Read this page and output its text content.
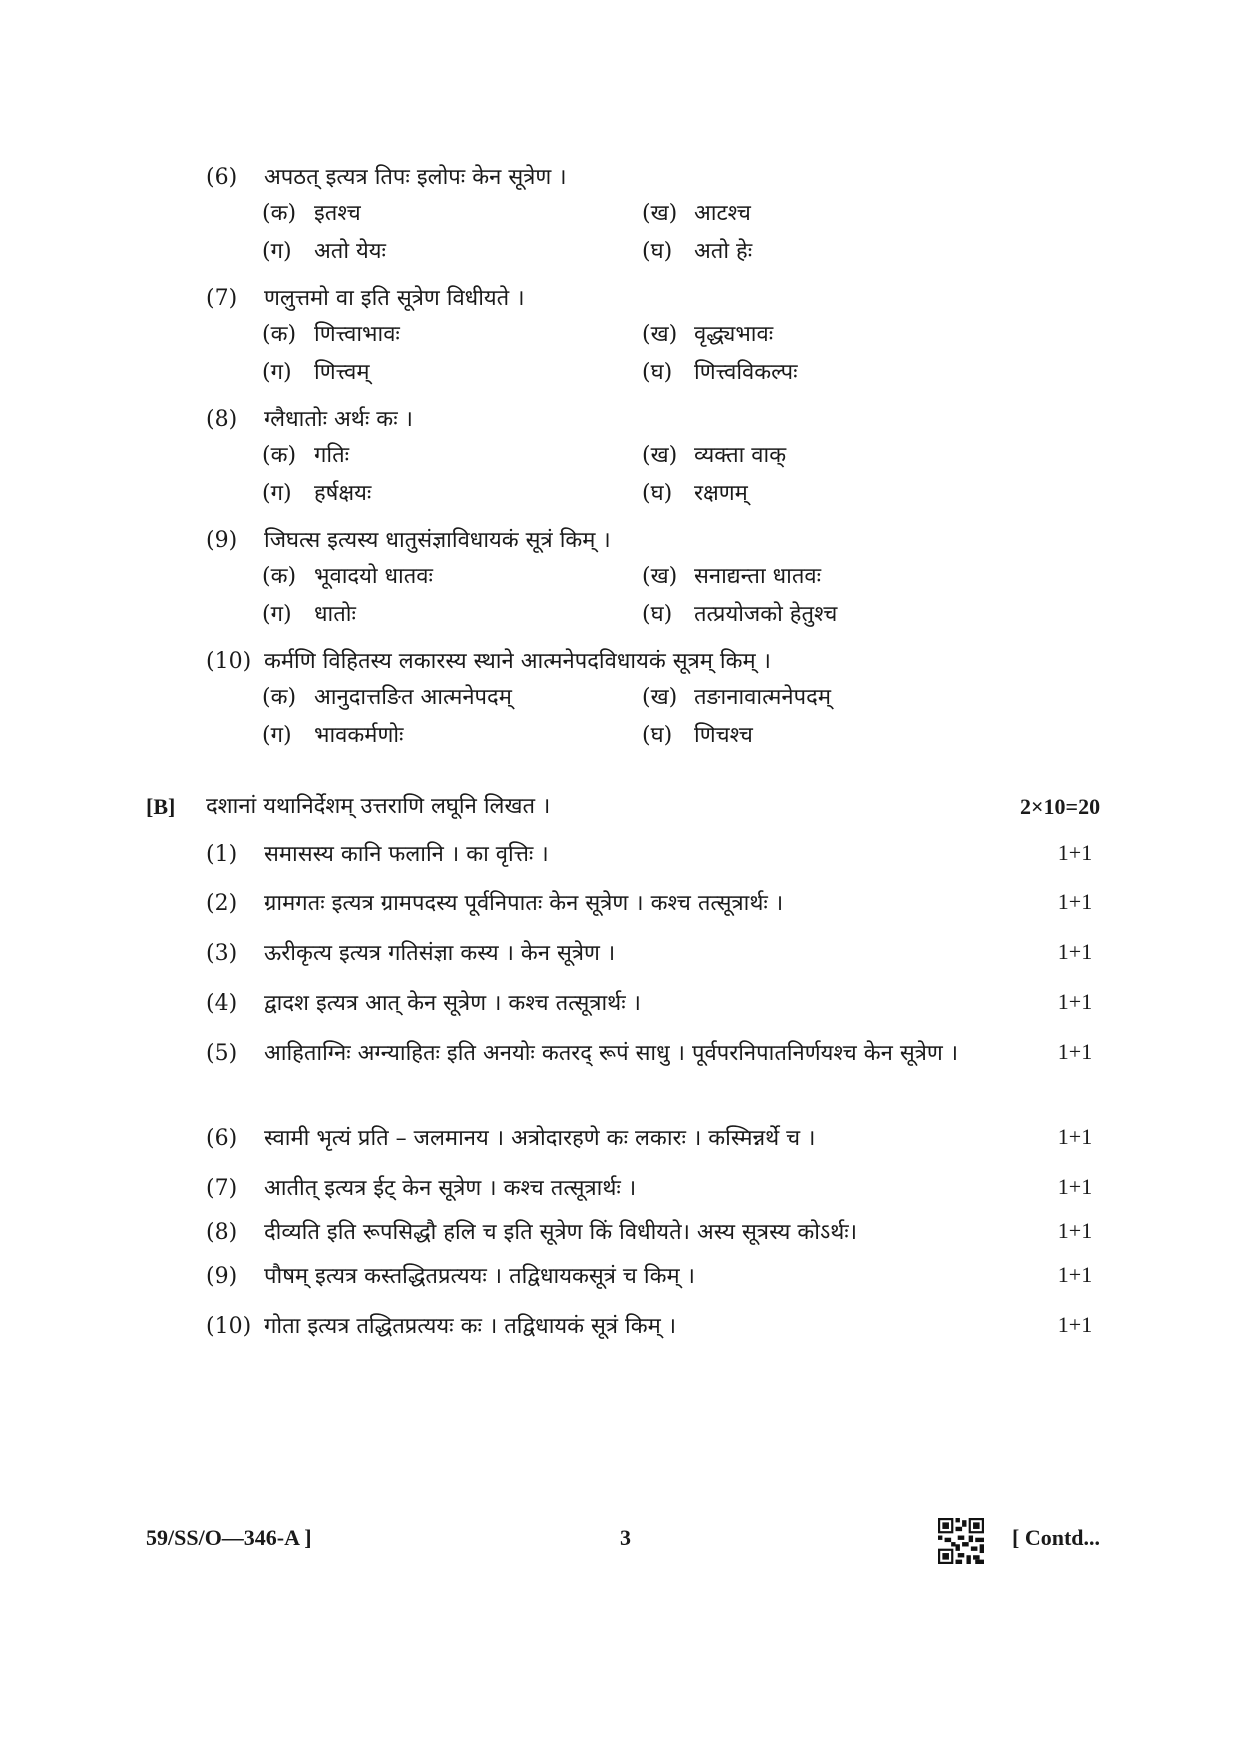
(6)	अपठत् इत्यत्र तिपः इलोपः केन सूत्रेण ।
(क) इतश्च	(ख) आटश्च
(ग) अतो येयः	(घ) अतो हेः
(7)	णलुत्तमो वा इति सूत्रेण विधीयते ।
(क) णित्त्वाभावः	(ख) वृद्ध्यभावः
(ग) णित्त्वम्	(घ) णित्त्वविकल्पः
(8)	ग्लैधातोः अर्थः कः ।
(क) गतिः	(ख) व्यक्ता वाक्
(ग) हर्षक्षयः	(घ) रक्षणम्
(9)	जिघत्स इत्यस्य धातुसंज्ञाविधायकं सूत्रं किम् ।
(क) भूवादयो धातवः	(ख) सनाद्यन्ता धातवः
(ग) धातोः	(घ) तत्प्रयोजको हेतुश्च
(10) कर्मणि विहितस्य लकारस्य स्थाने आत्मनेपदविधायकं सूत्रम् किम् ।
(क) आनुदात्तङित आत्मनेपदम्	(ख) तङानावात्मनेपदम्
(ग) भावकर्मणोः	(घ) णिचश्च
[B] दशानां यथानिर्देशम् उत्तराणि लघूनि लिखत ।	2×10=20
(1)	समासस्य कानि फलानि । का वृत्तिः ।	1+1
(2)	ग्रामगतः इत्यत्र ग्रामपदस्य पूर्वनिपातः केन सूत्रेण । कश्च तत्सूत्रार्थः ।	1+1
(3)	ऊरीकृत्य इत्यत्र गतिसंज्ञा कस्य । केन सूत्रेण ।	1+1
(4)	द्वादश इत्यत्र आत् केन सूत्रेण । कश्च तत्सूत्रार्थः ।	1+1
(5)	आहिताग्निः अग्न्याहितः इति अनयोः कतरद् रूपं साधु । पूर्वपरनिपातनिर्णयश्च केन सूत्रेण ।	1+1
(6)	स्वामी भृत्यं प्रति – जलमानय । अत्रोदारहणे कः लकारः । कस्मिन्नर्थे च ।	1+1
(7)	आतीत् इत्यत्र ईट् केन सूत्रेण । कश्च तत्सूत्रार्थः ।	1+1
(8)	दीव्यति इति रूपसिद्धौ हलि च इति सूत्रेण किं विधीयते। अस्य सूत्रस्य कोऽर्थः।	1+1
(9)	पौषम् इत्यत्र कस्तद्धितप्रत्ययः । तद्विधायकसूत्रं च किम् ।	1+1
(10) गोता इत्यत्र तद्धितप्रत्ययः कः । तद्विधायकं सूत्रं किम् ।	1+1
59/SS/O—346-A ]	3	[ Contd...
